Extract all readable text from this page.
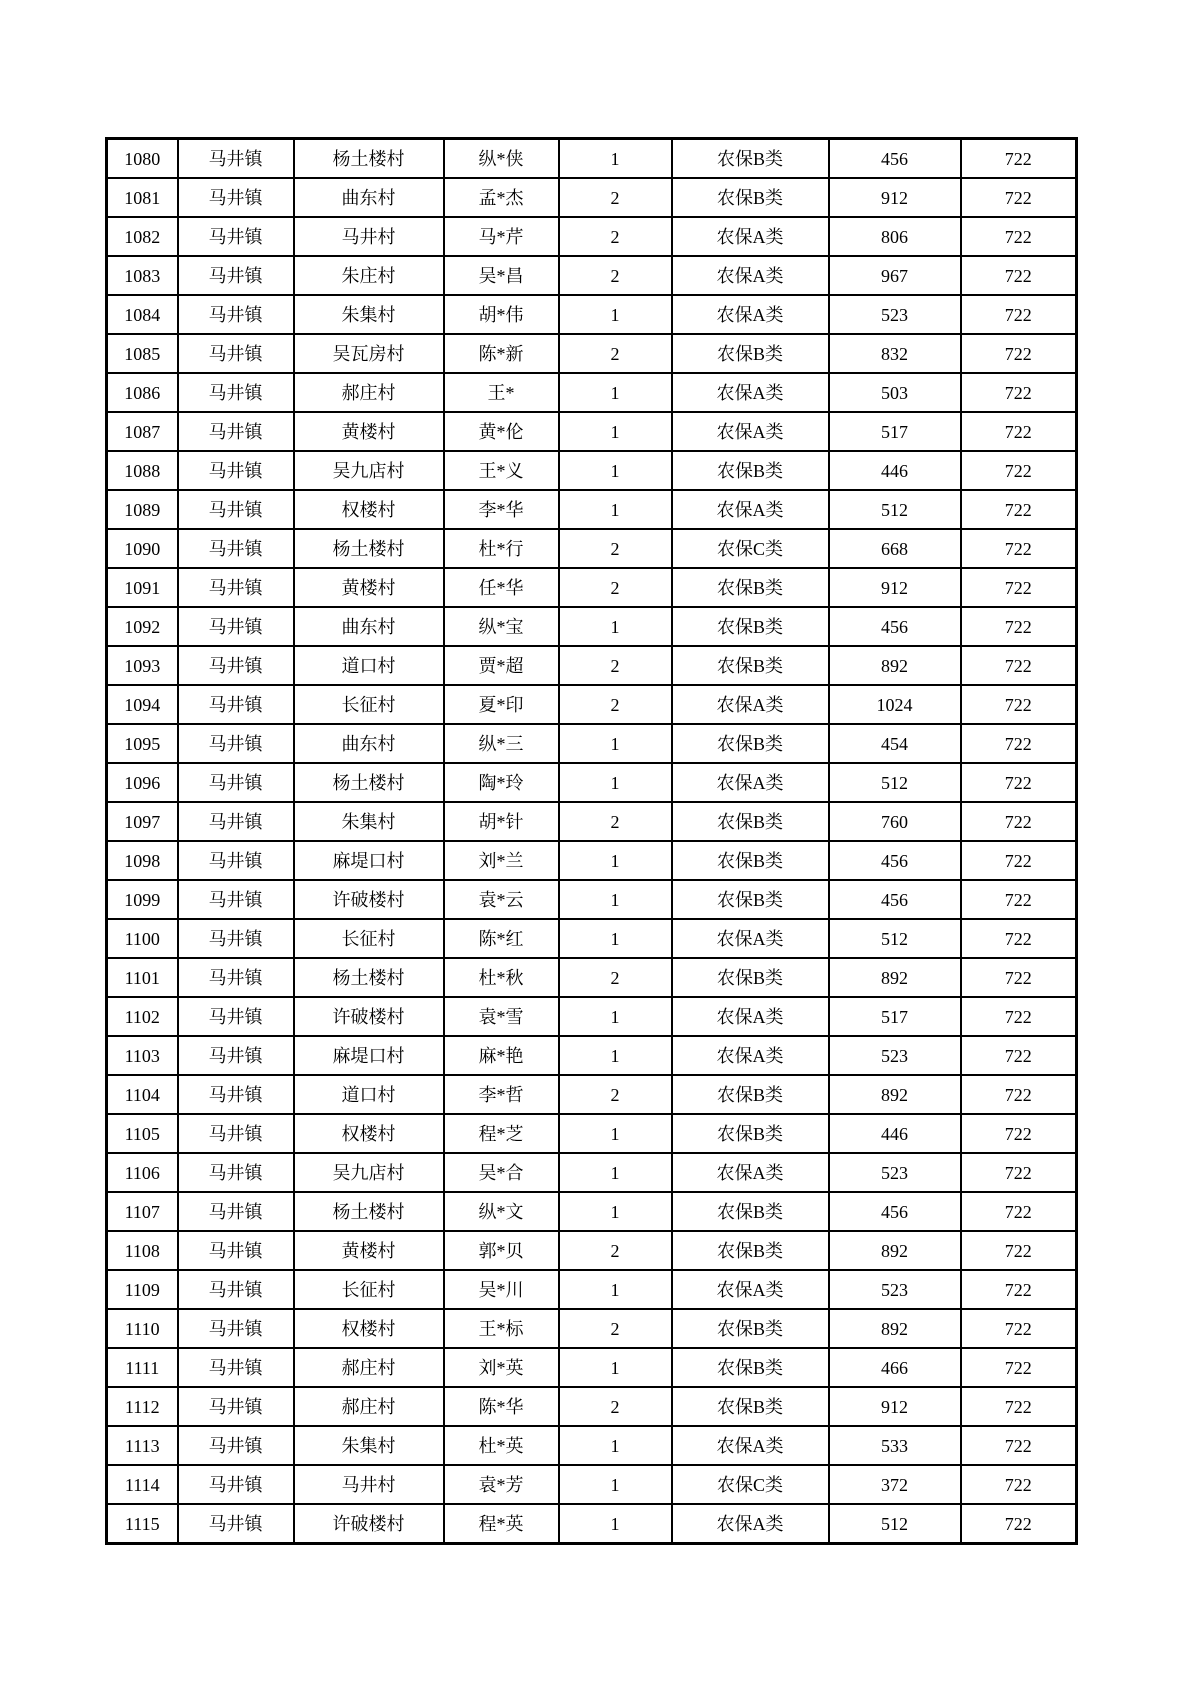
1080	马井镇	杨土楼村	纵*侠	1	农保B类	456	722
1081	马井镇	曲东村	孟*杰	2	农保B类	912	722
1082	马井镇	马井村	马*芹	2	农保A类	806	722
1083	马井镇	朱庄村	吴*昌	2	农保A类	967	722
1084	马井镇	朱集村	胡*伟	1	农保A类	523	722
1085	马井镇	吴瓦房村	陈*新	2	农保B类	832	722
1086	马井镇	郝庄村	王*	1	农保A类	503	722
1087	马井镇	黄楼村	黄*伦	1	农保A类	517	722
1088	马井镇	吴九店村	王*义	1	农保B类	446	722
1089	马井镇	权楼村	李*华	1	农保A类	512	722
1090	马井镇	杨土楼村	杜*行	2	农保C类	668	722
1091	马井镇	黄楼村	任*华	2	农保B类	912	722
1092	马井镇	曲东村	纵*宝	1	农保B类	456	722
1093	马井镇	道口村	贾*超	2	农保B类	892	722
1094	马井镇	长征村	夏*印	2	农保A类	1024	722
1095	马井镇	曲东村	纵*三	1	农保B类	454	722
1096	马井镇	杨土楼村	陶*玲	1	农保A类	512	722
1097	马井镇	朱集村	胡*针	2	农保B类	760	722
1098	马井镇	麻堤口村	刘*兰	1	农保B类	456	722
1099	马井镇	许破楼村	袁*云	1	农保B类	456	722
1100	马井镇	长征村	陈*红	1	农保A类	512	722
1101	马井镇	杨土楼村	杜*秋	2	农保B类	892	722
1102	马井镇	许破楼村	袁*雪	1	农保A类	517	722
1103	马井镇	麻堤口村	麻*艳	1	农保A类	523	722
1104	马井镇	道口村	李*哲	2	农保B类	892	722
1105	马井镇	权楼村	程*芝	1	农保B类	446	722
1106	马井镇	吴九店村	吴*合	1	农保A类	523	722
1107	马井镇	杨土楼村	纵*文	1	农保B类	456	722
1108	马井镇	黄楼村	郭*贝	2	农保B类	892	722
1109	马井镇	长征村	吴*川	1	农保A类	523	722
1110	马井镇	权楼村	王*标	2	农保B类	892	722
1111	马井镇	郝庄村	刘*英	1	农保B类	466	722
1112	马井镇	郝庄村	陈*华	2	农保B类	912	722
1113	马井镇	朱集村	杜*英	1	农保A类	533	722
1114	马井镇	马井村	袁*芳	1	农保C类	372	722
1115	马井镇	许破楼村	程*英	1	农保A类	512	722
